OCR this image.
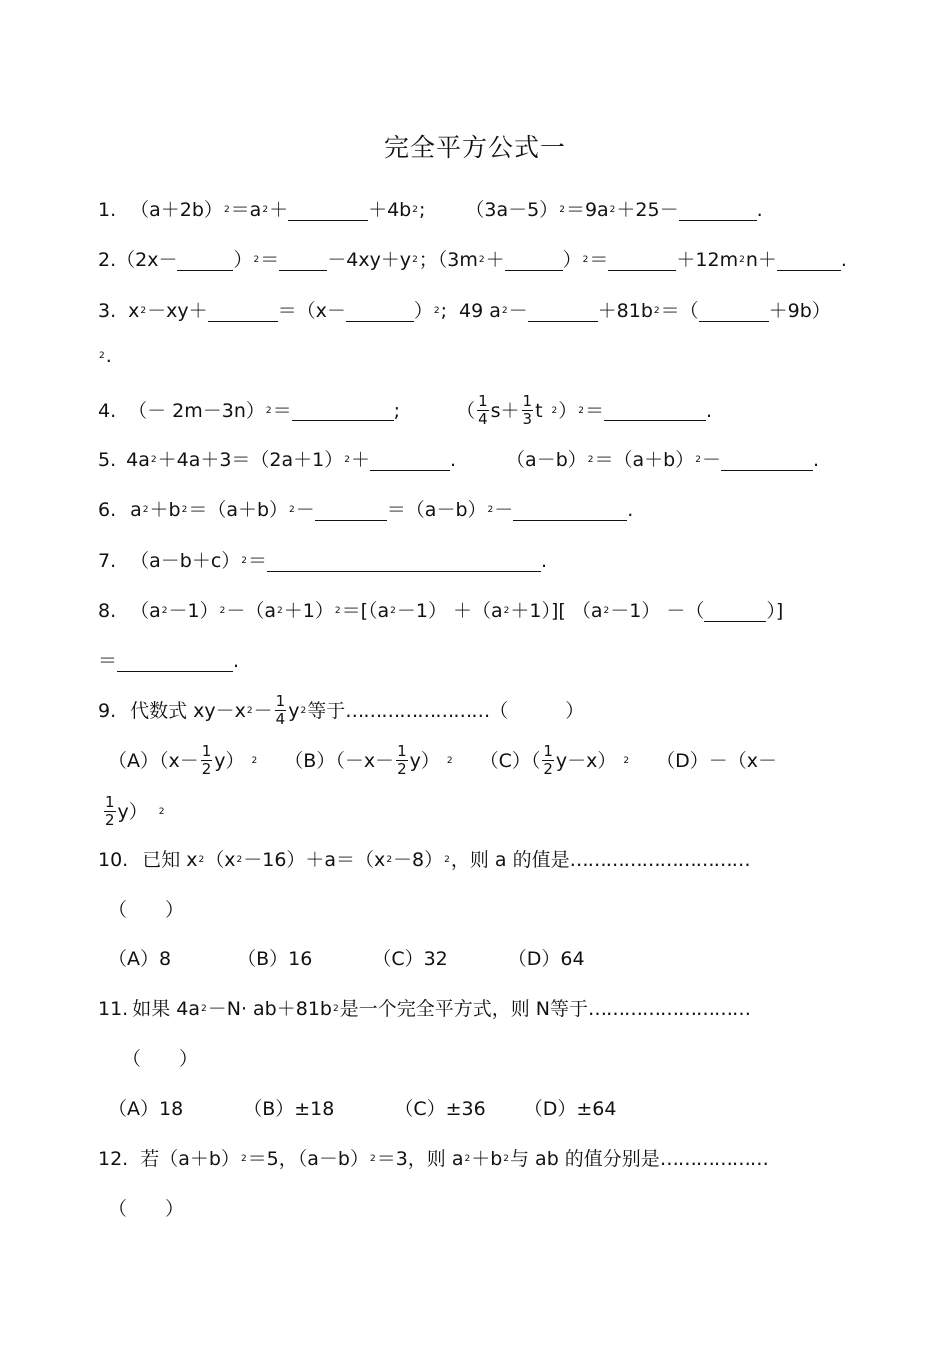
完全平方公式一
1. （a＋2b） 2 ＝a 2 ＋	＋4b 2 ; （3a－5） 2 ＝9a 2 ＋25－	.
2.（2x－	） 2 ＝	－4xy＋y 2 ；（3m 2 ＋	） 2 ＝	＋12m 2 n＋	.
3. x 2 －xy＋	＝（x－	） 2 ; 49 a 2 －	＋81b 2 ＝（	＋9b）
2 .
4. （－ 2m－3n） 2 ＝	;	（ $\frac{1}{4} s+ \frac{1}{3}$ t 2 ） 2 ＝	.
5. 4a 2 ＋4a＋3＝（2a＋1） 2 ＋	.	（a－b） 2 ＝（a＋b） 2 －	.
6. a 2 ＋b 2 ＝（a＋b） 2 －	＝（a－b） 2 －	.
7. （a－b＋c） 2 ＝	.
8. （a 2 －1） 2 －（a 2 ＋1） 2 ＝[（a 2 －1） ＋（a 2 ＋1）][ （a 2 －1） －（	）]
＝	.
9. 代数式 xy－x $2 - \frac{1}{4}$ y 2 等于 …………………… （　　　）
$(A)(x- \frac{1}{2} y)$ 2 $(B)(-x- \frac{1}{2} y)$ 2 $(C)( \frac{1}{2} y-x)$ 2 （D）－（x－
$\frac{1}{2} y$） 2
10. 已知 x 2 （x 2 －16）＋a＝（x 2 －8） 2 ，则 a 的值是 …………………………
（　　）
（A）8	（B）16	（C）32	（D）64
11. 如果 4a 2 －N· ab＋81b 2 是一个完全平方式，则 N等于 ………………………
（　　）
（A）18	（B）±18	（C）±36 （D）±64
12. 若（a＋b） 2 ＝5，（a－b） 2 ＝3，则 a 2 ＋b 2 与 ab 的值分别是 ………………
（　　）
